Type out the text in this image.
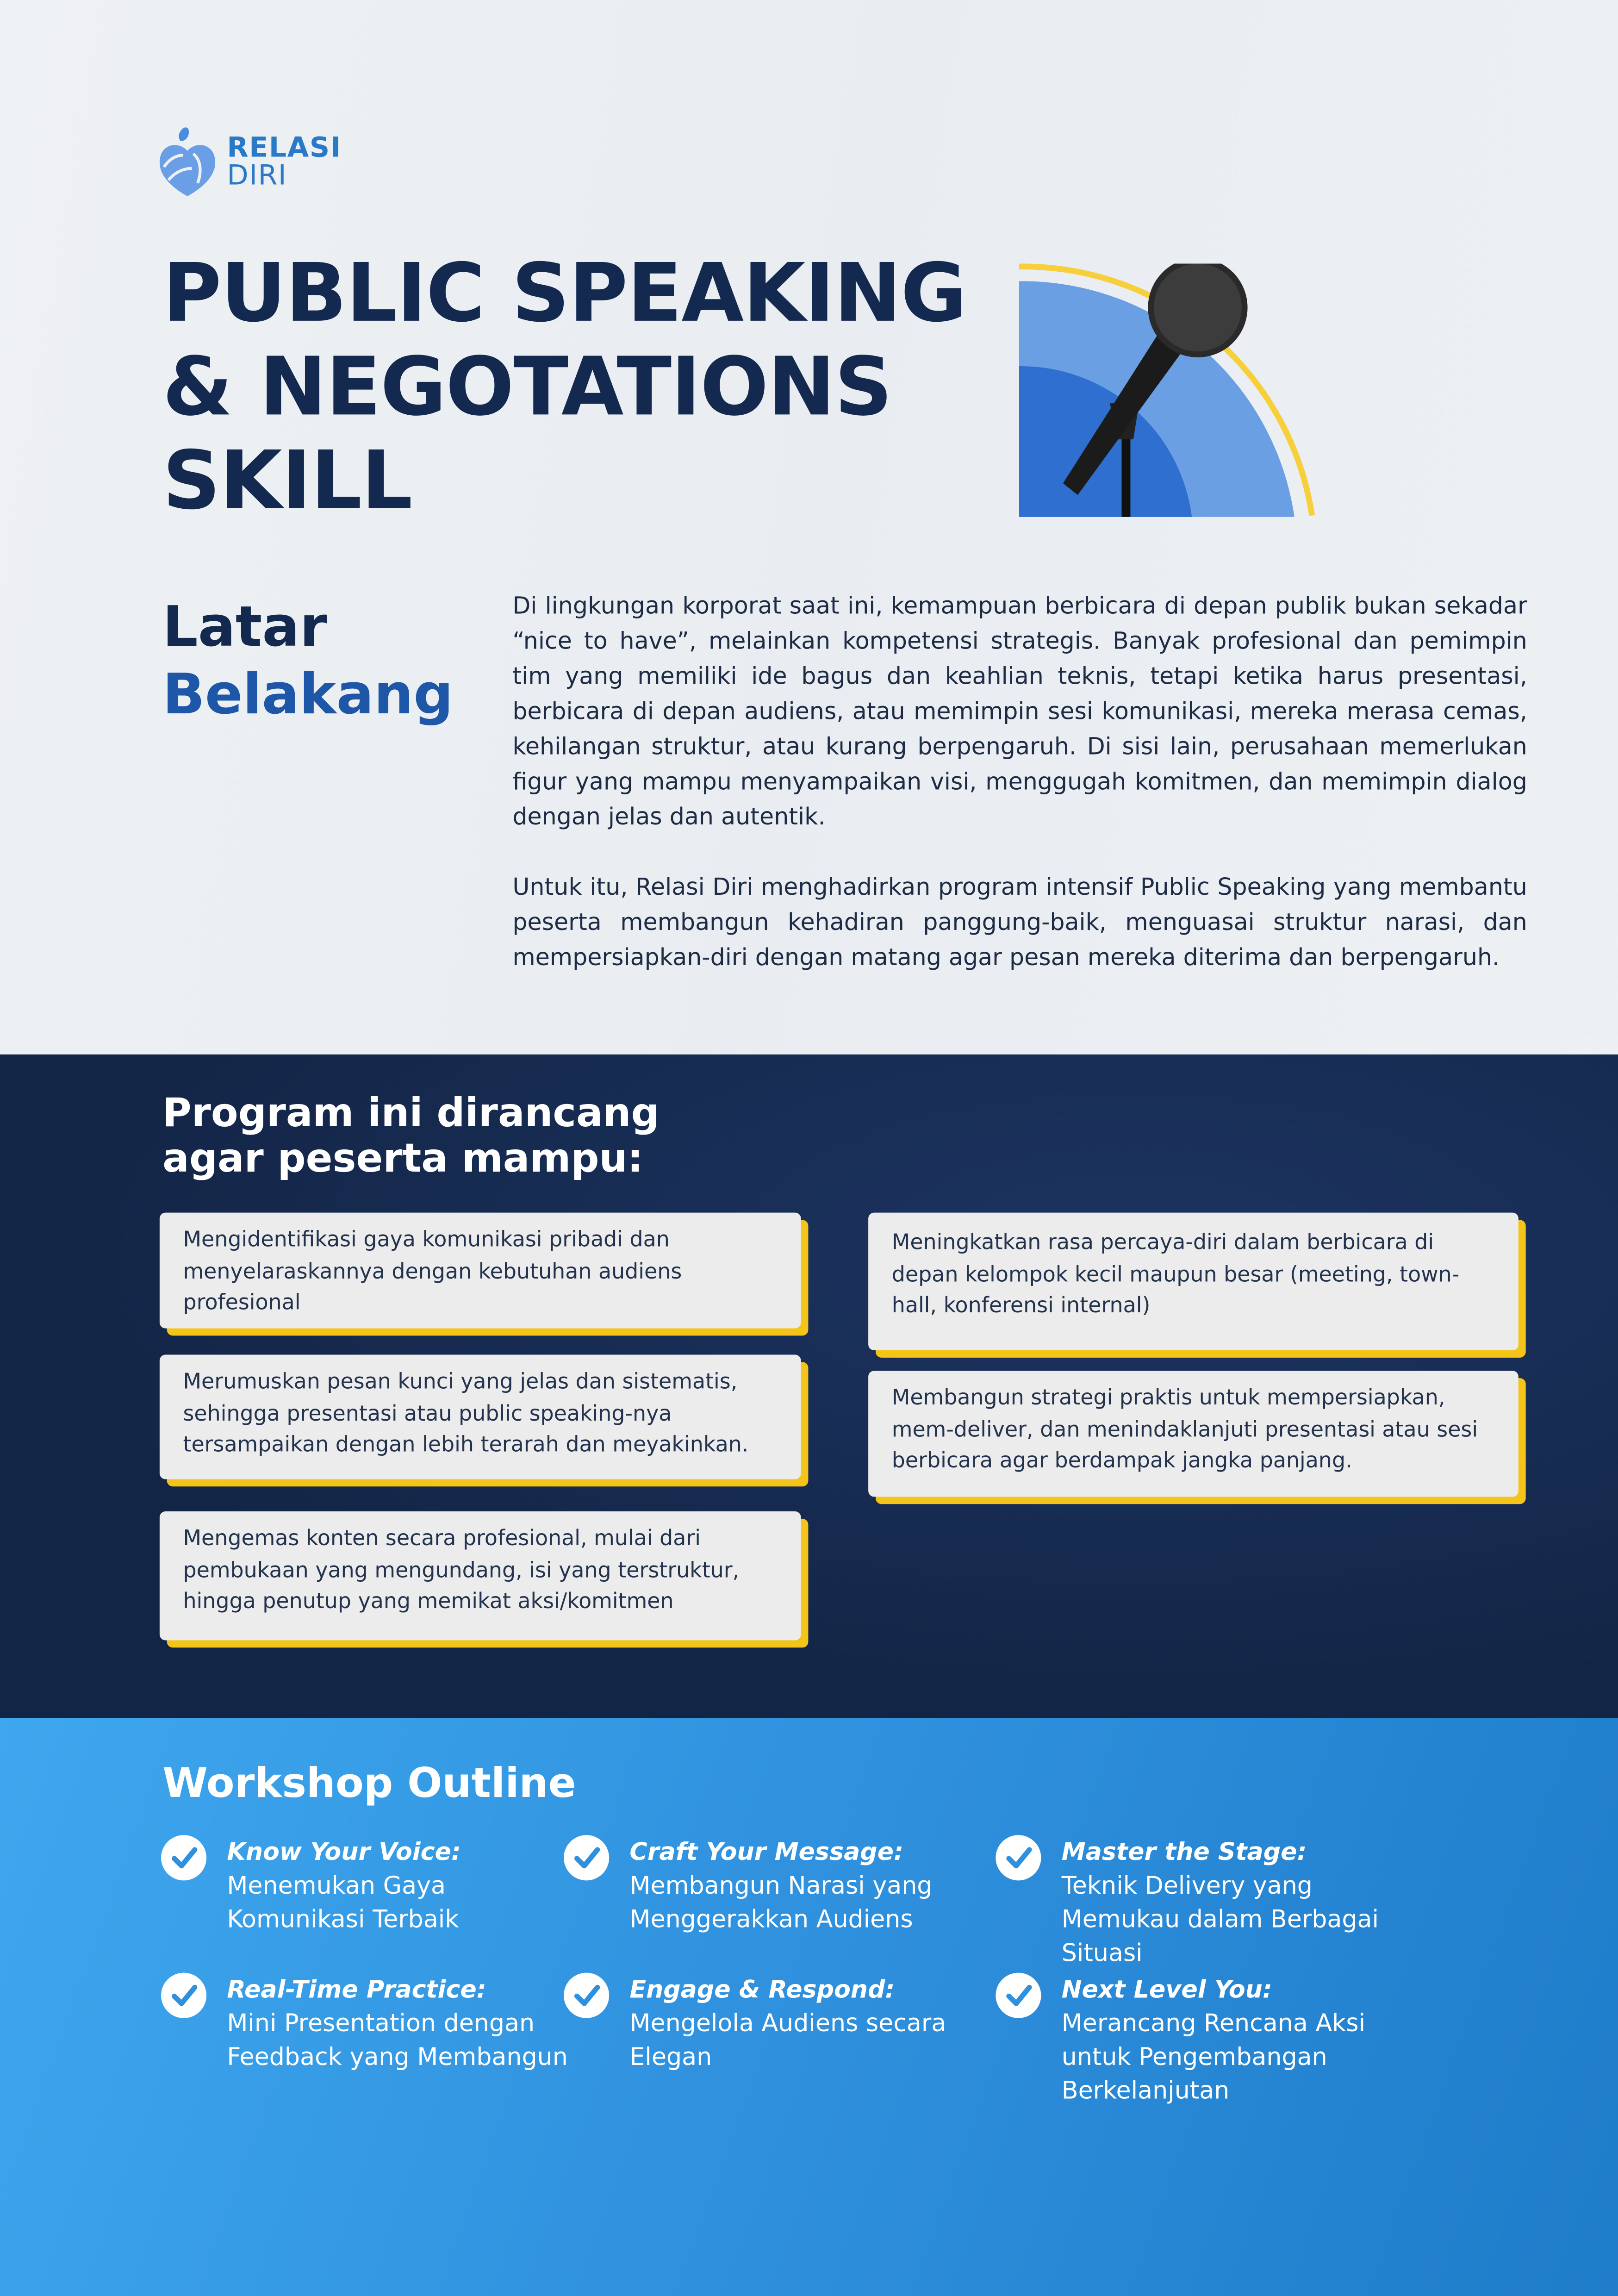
RELASI
DIRI
PUBLIC SPEAKING
& NEGOTATIONS
SKILL
Latar
Belakang

Di lingkungan korporat saat ini, kemampuan berbicara di depan publik bukan sekadar “nice to have”, melainkan kompetensi strategis. Banyak profesional dan pemimpin tim yang memiliki ide bagus dan keahlian teknis, tetapi ketika harus presentasi, berbicara di depan audiens, atau memimpin sesi komunikasi, mereka merasa cemas, kehilangan struktur, atau kurang berpengaruh. Di sisi lain, perusahaan memerlukan figur yang mampu menyampaikan visi, menggugah komitmen, dan memimpin dialog dengan jelas dan autentik.

Untuk itu, Relasi Diri menghadirkan program intensif Public Speaking yang membantu peserta membangun kehadiran panggung-baik, menguasai struktur narasi, dan mempersiapkan-diri dengan matang agar pesan mereka diterima dan berpengaruh.

Program ini dirancang
agar peserta mampu:
Mengidentifikasi gaya komunikasi pribadi dan menyelaraskannya dengan kebutuhan audiens profesional
Merumuskan pesan kunci yang jelas dan sistematis, sehingga presentasi atau public speaking-nya tersampaikan dengan lebih terarah dan meyakinkan.
Mengemas konten secara profesional, mulai dari pembukaan yang mengundang, isi yang terstruktur, hingga penutup yang memikat aksi/komitmen
Meningkatkan rasa percaya-diri dalam berbicara di depan kelompok kecil maupun besar (meeting, town-hall, konferensi internal)
Membangun strategi praktis untuk mempersiapkan, mem-deliver, dan menindaklanjuti presentasi atau sesi berbicara agar berdampak jangka panjang.
Workshop Outline
Know Your Voice:
Menemukan Gaya Komunikasi Terbaik
Craft Your Message:
Membangun Narasi yang Menggerakkan Audiens
Master the Stage:
Teknik Delivery yang Memukau dalam Berbagai Situasi
Real-Time Practice:
Mini Presentation dengan Feedback yang Membangun
Engage & Respond:
Mengelola Audiens secara Elegan
Next Level You:
Merancang Rencana Aksi untuk Pengembangan Berkelanjutan
